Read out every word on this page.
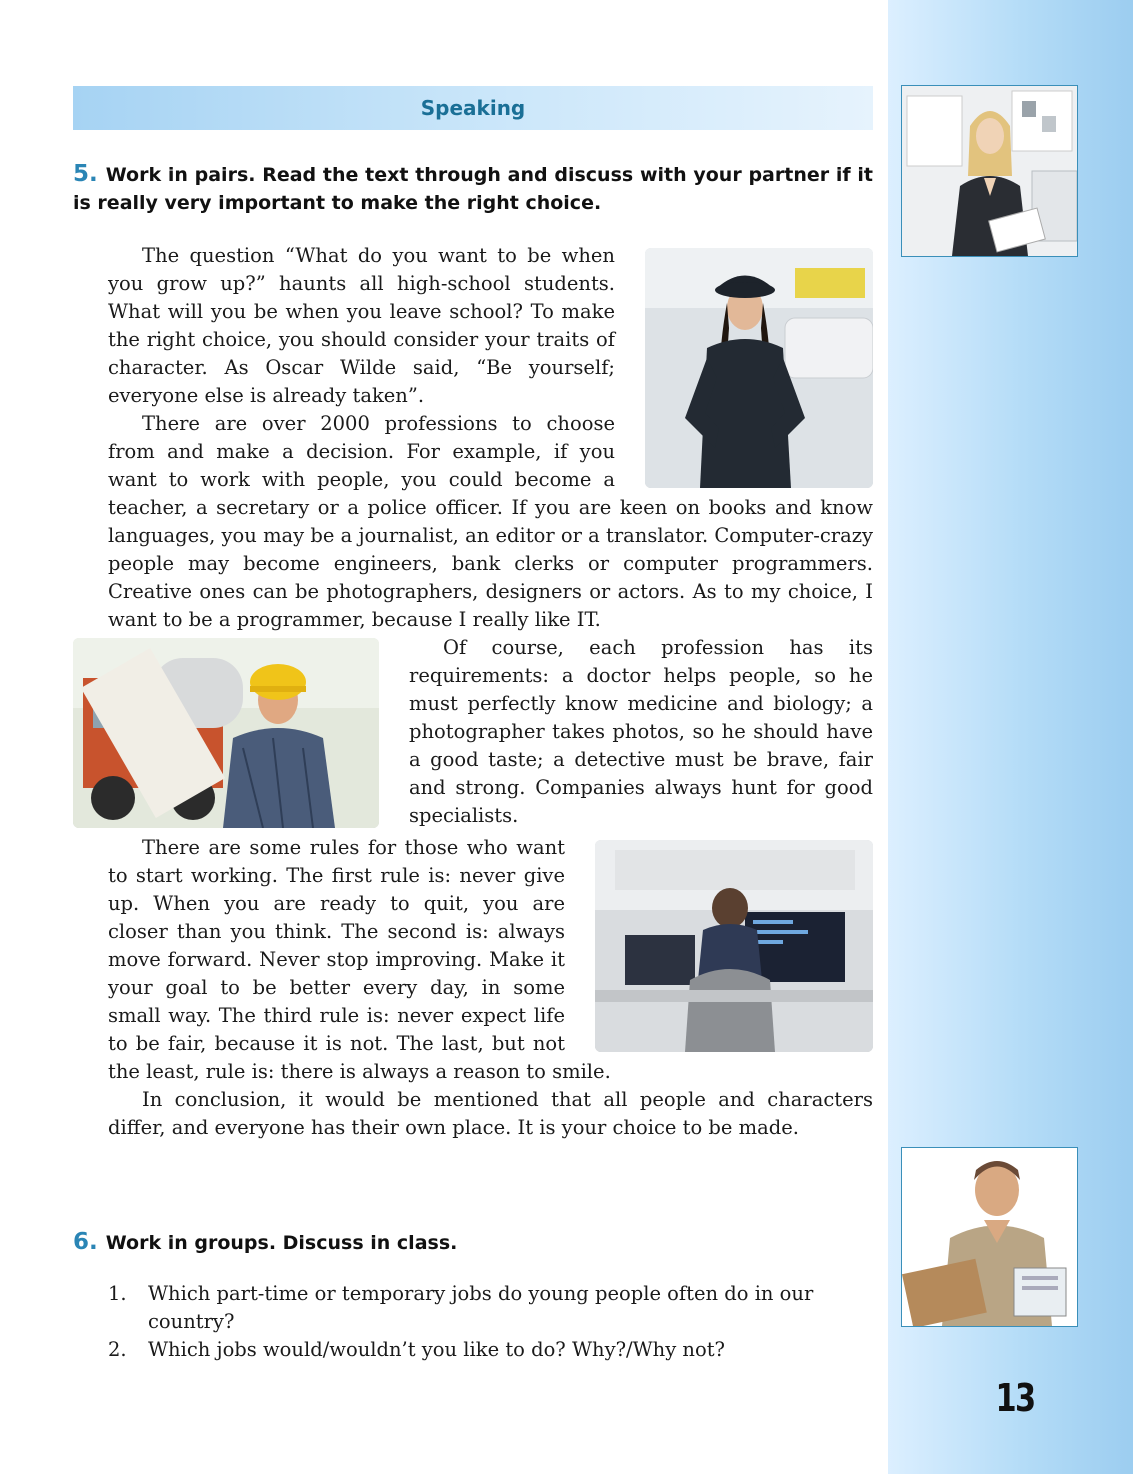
13
Speaking
5. Work in pairs. Read the text through and discuss with your partner if it is really very important to make the right choice.

The question “What do you want to be when you grow up?” haunts all high-school students. What will you be when you leave school? To make the right choice, you should consider your traits of character. As Oscar Wilde said, “Be yourself; everyone else is already taken”.

There are over 2000 professions to choose from and make a decision. For example, if you want to work with people, you could become a teacher, a secretary or a police officer. If you are keen on books and know languages, you may be a journalist, an editor or a translator. Computer-crazy people may become engineers, bank clerks or computer programmers. Creative ones can be photographers, designers or actors. As to my choice, I want to be a programmer, because I really like IT.

Of course, each profession has its requirements: a doctor helps people, so he must perfectly know medicine and biology; a photographer takes photos, so he should have a good taste; a detective must be brave, fair and strong. Companies always hunt for good specialists.

There are some rules for those who want to start working. The first rule is: never give up. When you are ready to quit, you are closer than you think. The second is: always move forward. Never stop improving. Make it your goal to be better every day, in some small way. The third rule is: never expect life to be fair, because it is not. The last, but not the least, rule is: there is always a reason to smile.

In conclusion, it would be mentioned that all people and characters differ, and everyone has their own place. It is your choice to be made.

6. Work in groups. Discuss in class.
1.	Which part-time or temporary jobs do young people often do in our country?
2.	Which jobs would/wouldn’t you like to do? Why?/Why not?
